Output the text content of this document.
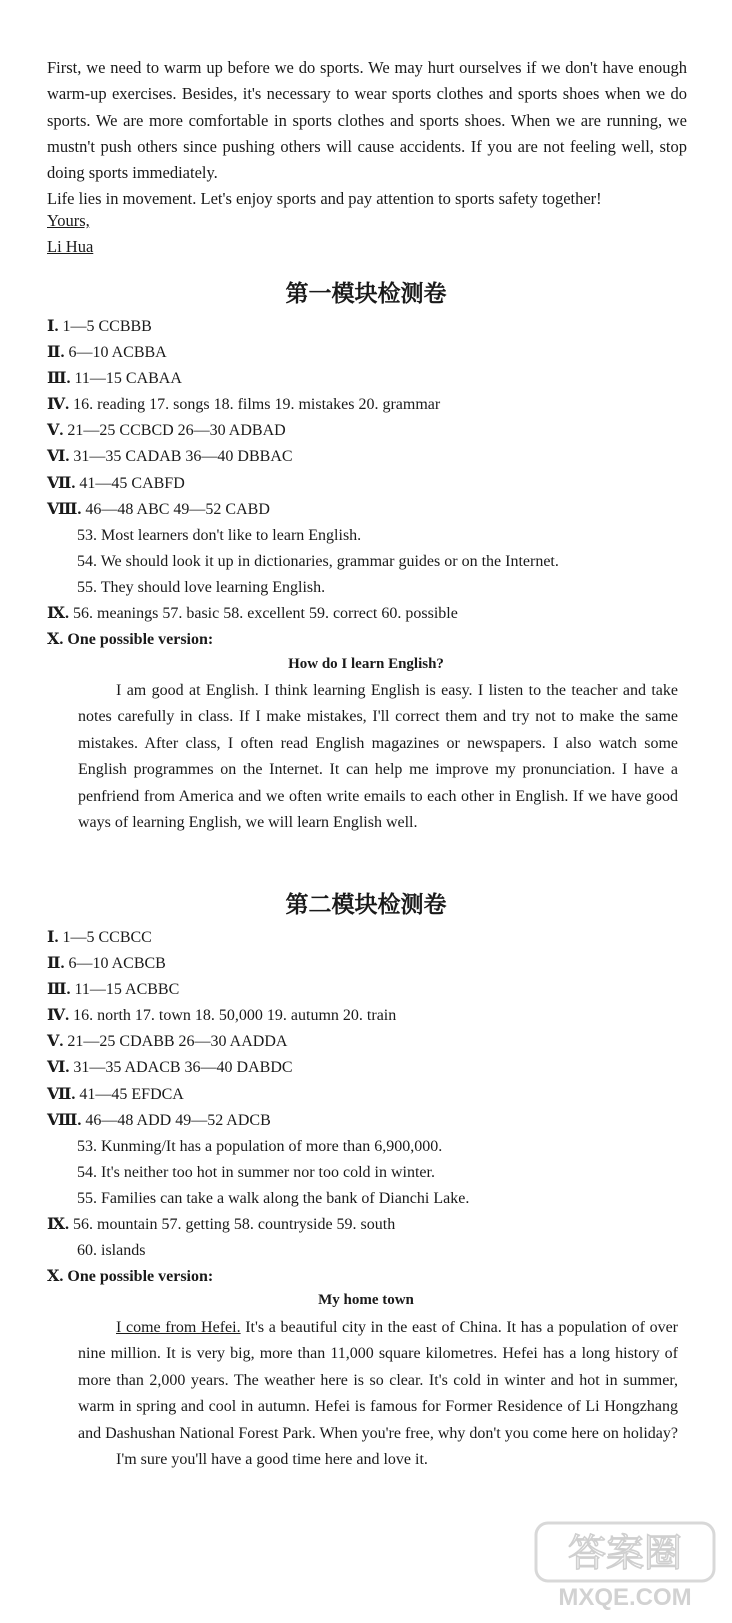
First, we need to warm up before we do sports. We may hurt ourselves if we don't have enough warm-up exercises. Besides, it's necessary to wear sports clothes and sports shoes when we do sports. We are more comfortable in sports clothes and sports shoes. When we are running, we mustn't push others since pushing others will cause accidents. If you are not feeling well, stop doing sports immediately.

Life lies in movement. Let's enjoy sports and pay attention to sports safety together!

Yours,

Li Hua

第一模块检测卷
Ⅰ. 1—5 CCBBB
Ⅱ. 6—10 ACBBA
Ⅲ. 11—15 CABAA
Ⅳ. 16. reading 17. songs 18. films 19. mistakes 20. grammar
Ⅴ. 21—25 CCBCD 26—30 ADBAD
Ⅵ. 31—35 CADAB 36—40 DBBAC
Ⅶ. 41—45 CABFD
Ⅷ. 46—48 ABC 49—52 CABD
53. Most learners don't like to learn English.
54. We should look it up in dictionaries, grammar guides or on the Internet.
55. They should love learning English.
Ⅸ. 56. meanings 57. basic 58. excellent 59. correct 60. possible
Ⅹ. One possible version:

How do I learn English?

I am good at English. I think learning English is easy. I listen to the teacher and take notes carefully in class. If I make mistakes, I'll correct them and try not to make the same mistakes. After class, I often read English magazines or newspapers. I also watch some English programmes on the Internet. It can help me improve my pronunciation. I have a penfriend from America and we often write emails to each other in English. If we have good ways of learning English, we will learn English well.

第二模块检测卷
Ⅰ. 1—5 CCBCC
Ⅱ. 6—10 ACBCB
Ⅲ. 11—15 ACBBC
Ⅳ. 16. north 17. town 18. 50,000 19. autumn 20. train
Ⅴ. 21—25 CDABB 26—30 AADDA
Ⅵ. 31—35 ADACB 36—40 DABDC
Ⅶ. 41—45 EFDCA
Ⅷ. 46—48 ADD 49—52 ADCB
53. Kunming/It has a population of more than 6,900,000.
54. It's neither too hot in summer nor too cold in winter.
55. Families can take a walk along the bank of Dianchi Lake.
Ⅸ. 56. mountain 57. getting 58. countryside 59. south
60. islands
Ⅹ. One possible version:

My home town

I come from Hefei. It's a beautiful city in the east of China. It has a population of over nine million. It is very big, more than 11,000 square kilometres. Hefei has a long history of more than 2,000 years. The weather here is so clear. It's cold in winter and hot in summer, warm in spring and cool in autumn. Hefei is famous for Former Residence of Li Hongzhang and Dashushan National Forest Park. When you're free, why don't you come here on holiday?

I'm sure you'll have a good time here and love it.

答案圈
MXQE.COM
